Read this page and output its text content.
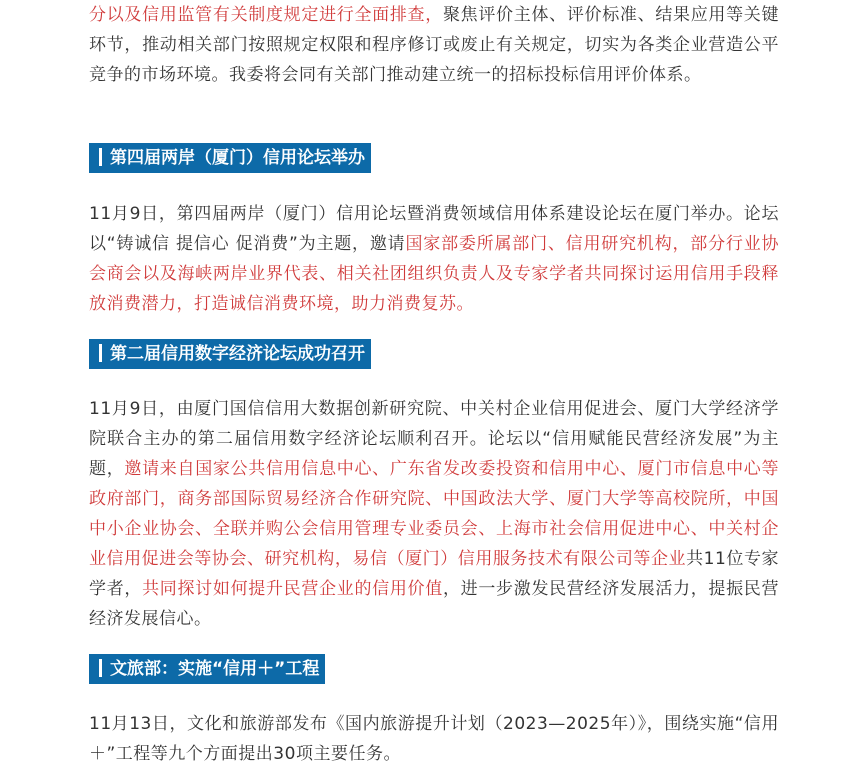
分以及信用监管有关制度规定进行全面排查，聚焦评价主体、评价标准、结果应用等关键环节，推动相关部门按照规定权限和程序修订或废止有关规定，切实为各类企业营造公平竞争的市场环境。我委将会同有关部门推动建立统一的招标投标信用评价体系。

第四届两岸（厦门）信用论坛举办

11月9日，第四届两岸（厦门）信用论坛暨消费领域信用体系建设论坛在厦门举办。论坛以“铸诚信 提信心 促消费”为主题，邀请国家部委所属部门、信用研究机构，部分行业协会商会以及海峡两岸业界代表、相关社团组织负责人及专家学者共同探讨运用信用手段释放消费潜力，打造诚信消费环境，助力消费复苏。

第二届信用数字经济论坛成功召开

11月9日，由厦门国信信用大数据创新研究院、中关村企业信用促进会、厦门大学经济学院联合主办的第二届信用数字经济论坛顺利召开。论坛以“信用赋能民营经济发展”为主题，邀请来自国家公共信用信息中心、广东省发改委投资和信用中心、厦门市信息中心等政府部门，商务部国际贸易经济合作研究院、中国政法大学、厦门大学等高校院所，中国中小企业协会、全联并购公会信用管理专业委员会、上海市社会信用促进中心、中关村企业信用促进会等协会、研究机构，易信（厦门）信用服务技术有限公司等企业共11位专家学者，共同探讨如何提升民营企业的信用价值，进一步激发民营经济发展活力，提振民营经济发展信心。

文旅部：实施“信用＋”工程

11月13日，文化和旅游部发布《国内旅游提升计划（2023—2025年）》，围绕实施“信用＋”工程等九个方面提出30项主要任务。
